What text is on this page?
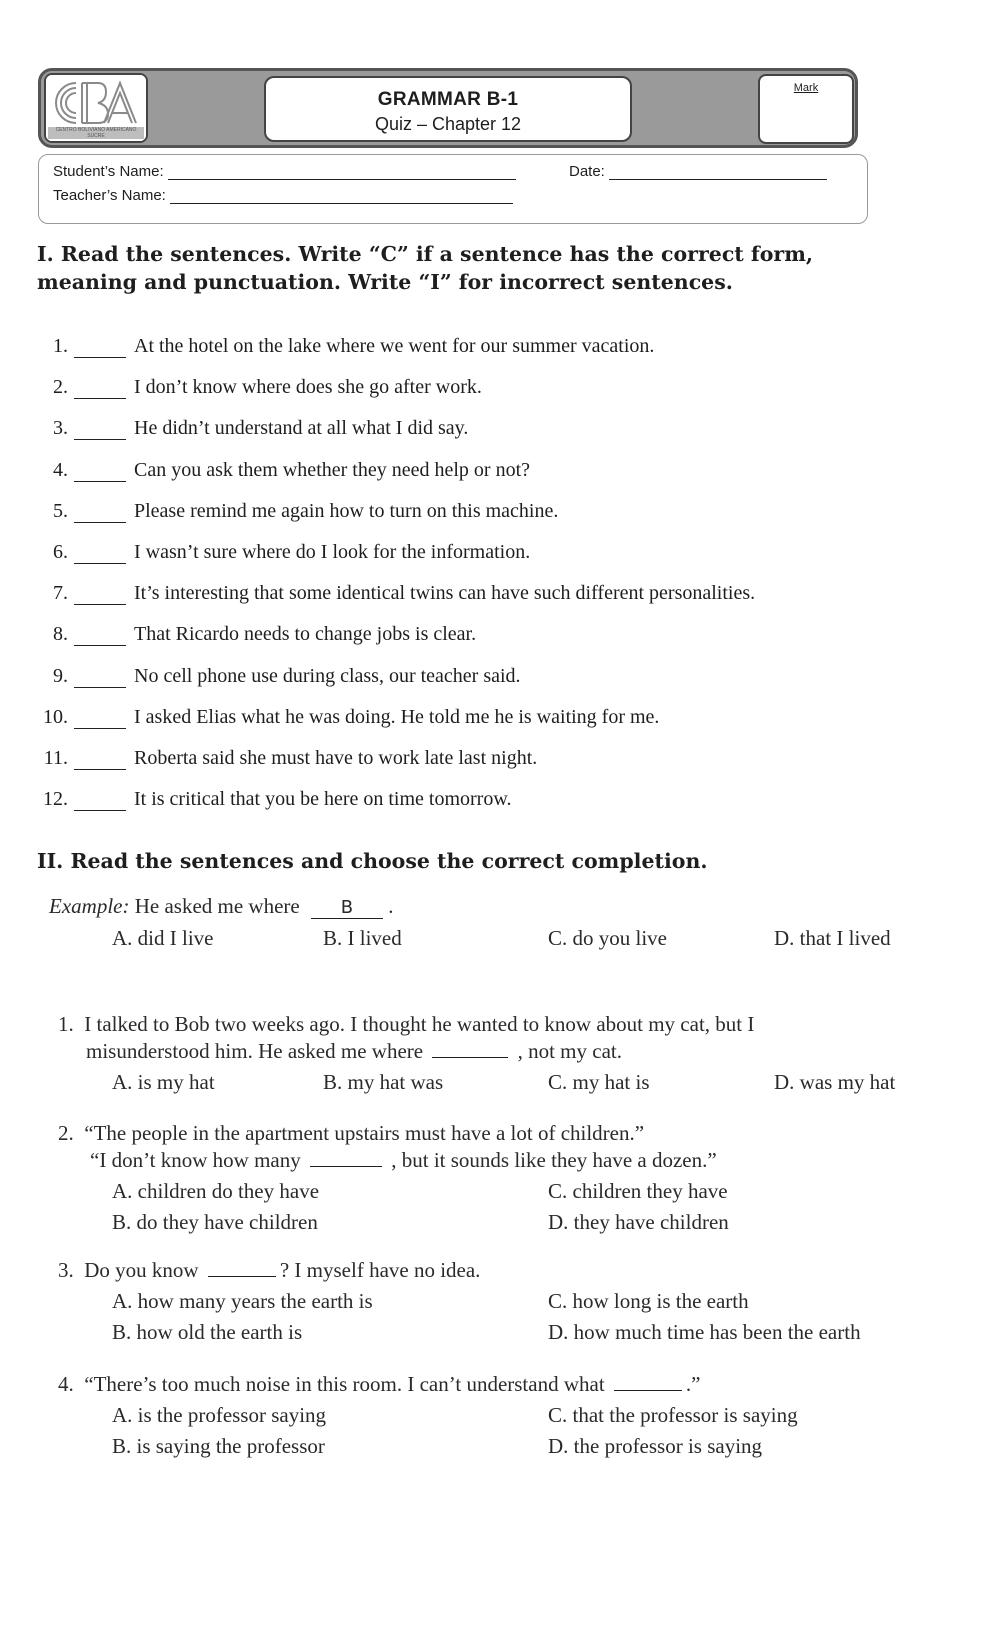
CENTRO BOLIVIANO AMERICANO SUCRE
GRAMMAR B-1
Quiz – Chapter 12
Mark
Student’s Name:	Date:
Teacher’s Name:
I. Read the sentences. Write “C” if a sentence has the correct form,
meaning and punctuation. Write “I” for incorrect sentences.
1.	At the hotel on the lake where we went for our summer vacation.
2.	I don’t know where does she go after work.
3.	He didn’t understand at all what I did say.
4.	Can you ask them whether they need help or not?
5.	Please remind me again how to turn on this machine.
6.	I wasn’t sure where do I look for the information.
7.	It’s interesting that some identical twins can have such different personalities.
8.	That Ricardo needs to change jobs is clear.
9.	No cell phone use during class, our teacher said.
10.	I asked Elias what he was doing. He told me he is waiting for me.
11.	Roberta said she must have to work late last night.
12.	It is critical that you be here on time tomorrow.
II. Read the sentences and choose the correct completion.
Example: He asked me where B .
A. did I live	B. I lived	C. do you live	D. that I lived
1. I talked to Bob two weeks ago. I thought he wanted to know about my cat, but I
misunderstood him. He asked me where	, not my cat.
A. is my hat	B. my hat was	C. my hat is	D. was my hat
2. “The people in the apartment upstairs must have a lot of children.”
“I don’t know how many	, but it sounds like they have a dozen.”
A. children do they have	C. children they have
B. do they have children	D. they have children
3. Do you know	? I myself have no idea.
A. how many years the earth is	C. how long is the earth
B. how old the earth is	D. how much time has been the earth
4. “There’s too much noise in this room. I can’t understand what	.”
A. is the professor saying	C. that the professor is saying
B. is saying the professor	D. the professor is saying
